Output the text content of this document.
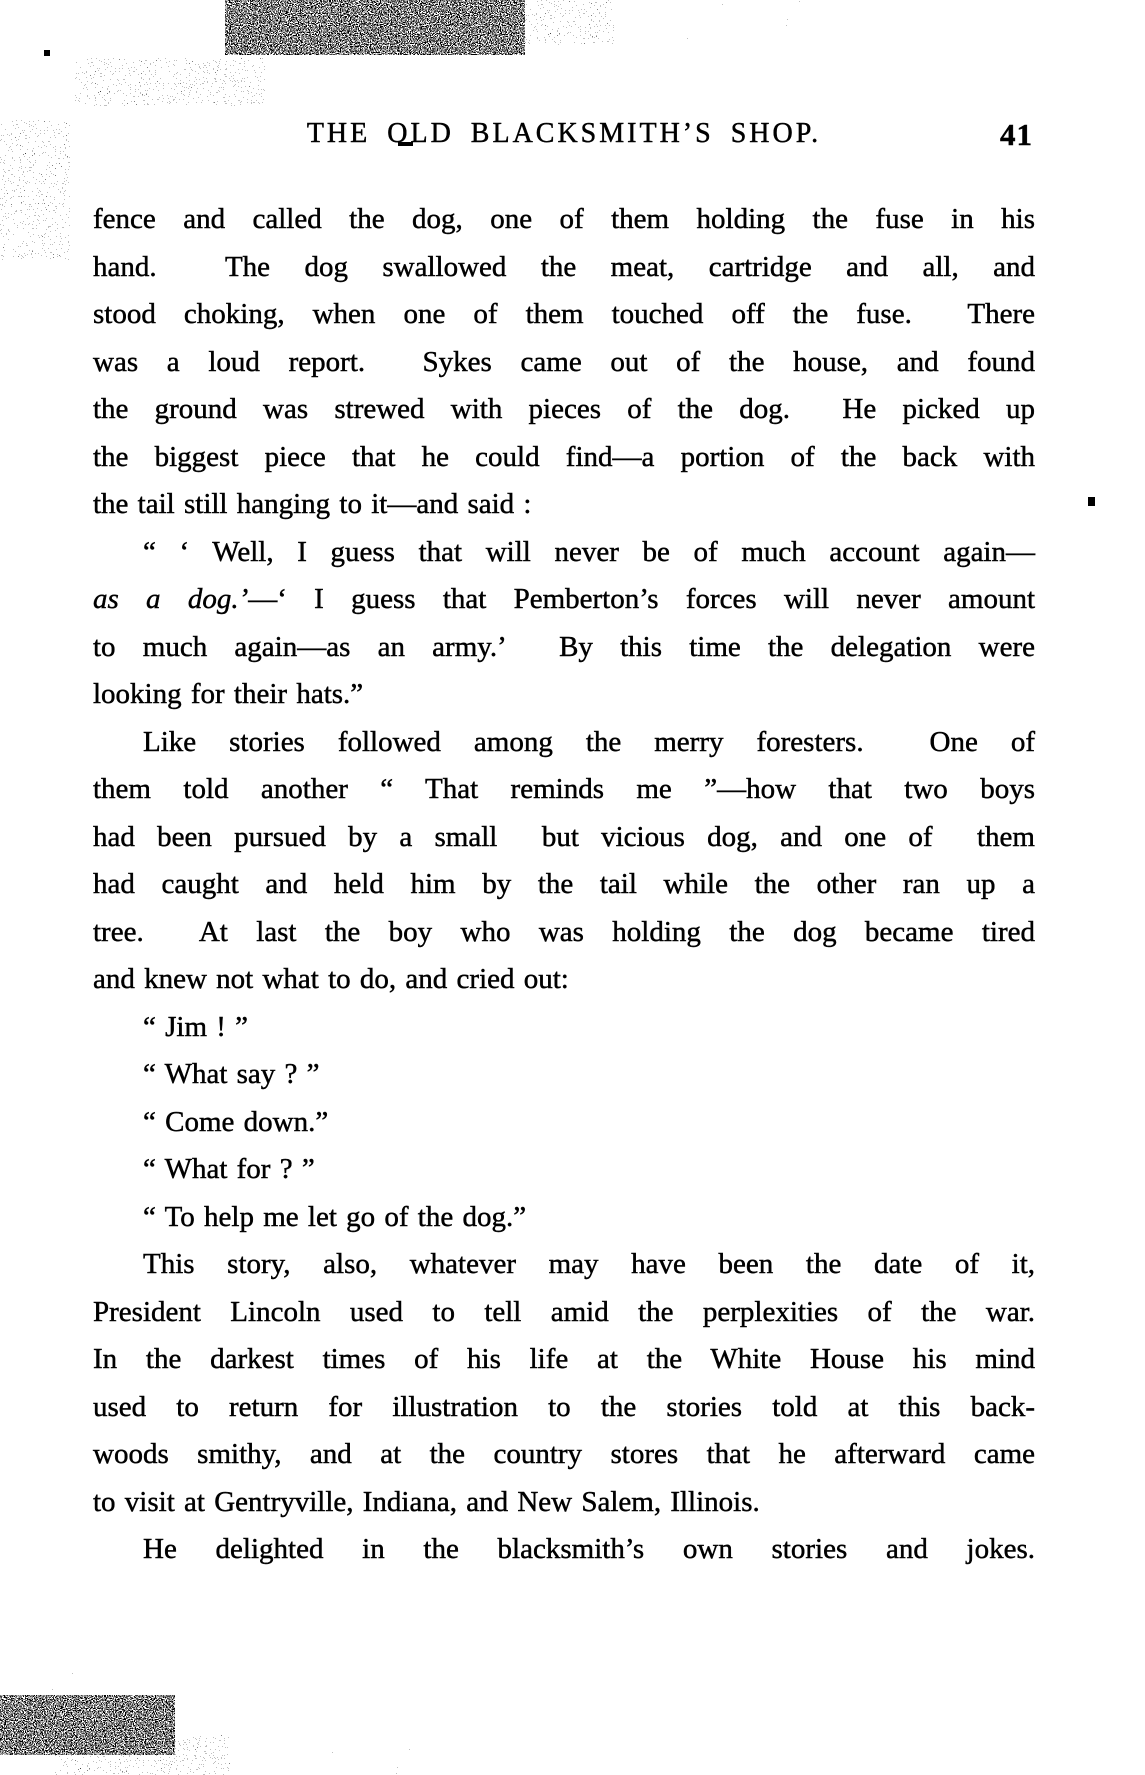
THE OLD BLACKSMITH’S SHOP.	41
fence and called the dog, one of them holding the fuse in his
hand.  The dog swallowed the meat, cartridge and all, and
stood choking, when one of them touched off the fuse.  There
was a loud report.  Sykes came out of the house, and found
the ground was strewed with pieces of the dog.  He picked up
the biggest piece that he could find—a portion of the back with
the tail still hanging to it—and said :
“ ‘ Well, I guess that will never be of much account again—
as a dog.’—‘ I guess that Pemberton’s forces will never amount
to much again—as an army.’  By this time the delegation were
looking for their hats.”
Like stories followed among the merry foresters.  One of
them told another “ That reminds me ”—how that two boys
had been pursued by a small  but vicious dog, and one of  them
had caught and held him by the tail while the other ran up a
tree.  At last the boy who was holding the dog became tired
and knew not what to do, and cried out:
“ Jim ! ”
“ What say ? ”
“ Come down.”
“ What for ? ”
“ To help me let go of the dog.”
This story, also, whatever may have been the date of it,
President Lincoln used to tell amid the perplexities of the war.
In the darkest times of his life at the White House his mind
used to return for illustration to the stories told at this back-
woods smithy, and at the country stores that he afterward came
to visit at Gentryville, Indiana, and New Salem, Illinois.
He delighted in the blacksmith’s own stories and jokes.
